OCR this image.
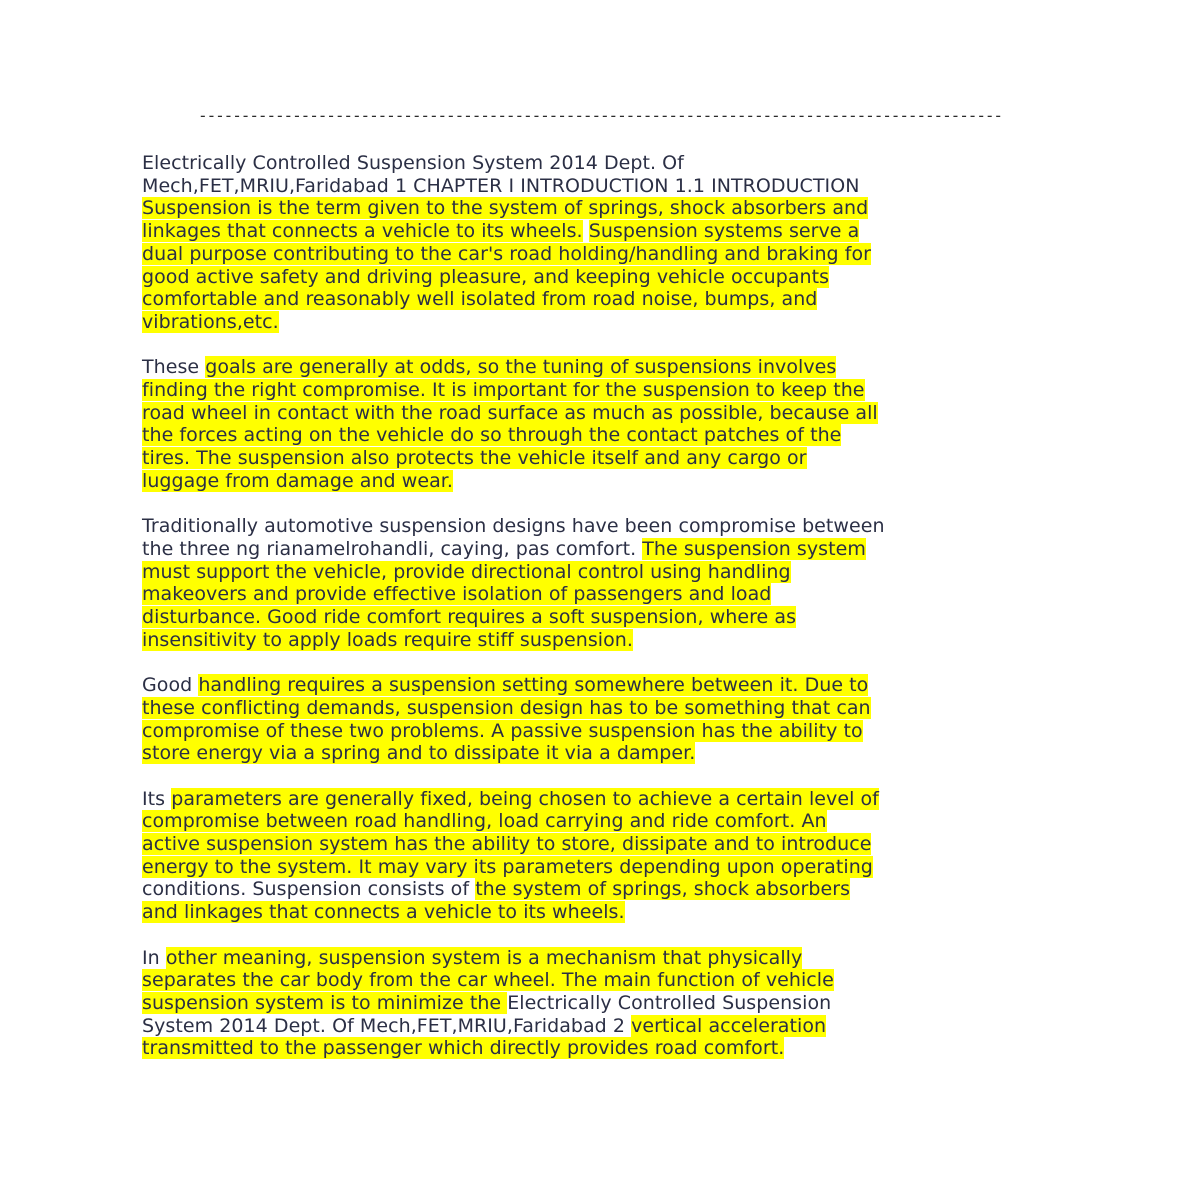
----------------------------------------------------------------------------------------------
Electrically Controlled Suspension System 2014 Dept. Of
Mech,FET,MRIU,Faridabad 1 CHAPTER I INTRODUCTION 1.1 INTRODUCTION
Suspension is the term given to the system of springs, shock absorbers and
linkages that connects a vehicle to its wheels. Suspension systems serve a
dual purpose contributing to the car's road holding/handling and braking for
good active safety and driving pleasure, and keeping vehicle occupants
comfortable and reasonably well isolated from road noise, bumps, and
vibrations,etc.
These goals are generally at odds, so the tuning of suspensions involves
finding the right compromise. It is important for the suspension to keep the
road wheel in contact with the road surface as much as possible, because all
the forces acting on the vehicle do so through the contact patches of the
tires. The suspension also protects the vehicle itself and any cargo or
luggage from damage and wear.
Traditionally automotive suspension designs have been compromise between
the three ng rianamelrohandli, caying, pas comfort. The suspension system
must support the vehicle, provide directional control using handling
makeovers and provide effective isolation of passengers and load
disturbance. Good ride comfort requires a soft suspension, where as
insensitivity to apply loads require stiff suspension.
Good handling requires a suspension setting somewhere between it. Due to
these conflicting demands, suspension design has to be something that can
compromise of these two problems. A passive suspension has the ability to
store energy via a spring and to dissipate it via a damper.
Its parameters are generally fixed, being chosen to achieve a certain level of
compromise between road handling, load carrying and ride comfort. An
active suspension system has the ability to store, dissipate and to introduce
energy to the system. It may vary its parameters depending upon operating
conditions. Suspension consists of the system of springs, shock absorbers
and linkages that connects a vehicle to its wheels.
In other meaning, suspension system is a mechanism that physically
separates the car body from the car wheel. The main function of vehicle
suspension system is to minimize the Electrically Controlled Suspension
System 2014 Dept. Of Mech,FET,MRIU,Faridabad 2 vertical acceleration
transmitted to the passenger which directly provides road comfort.
